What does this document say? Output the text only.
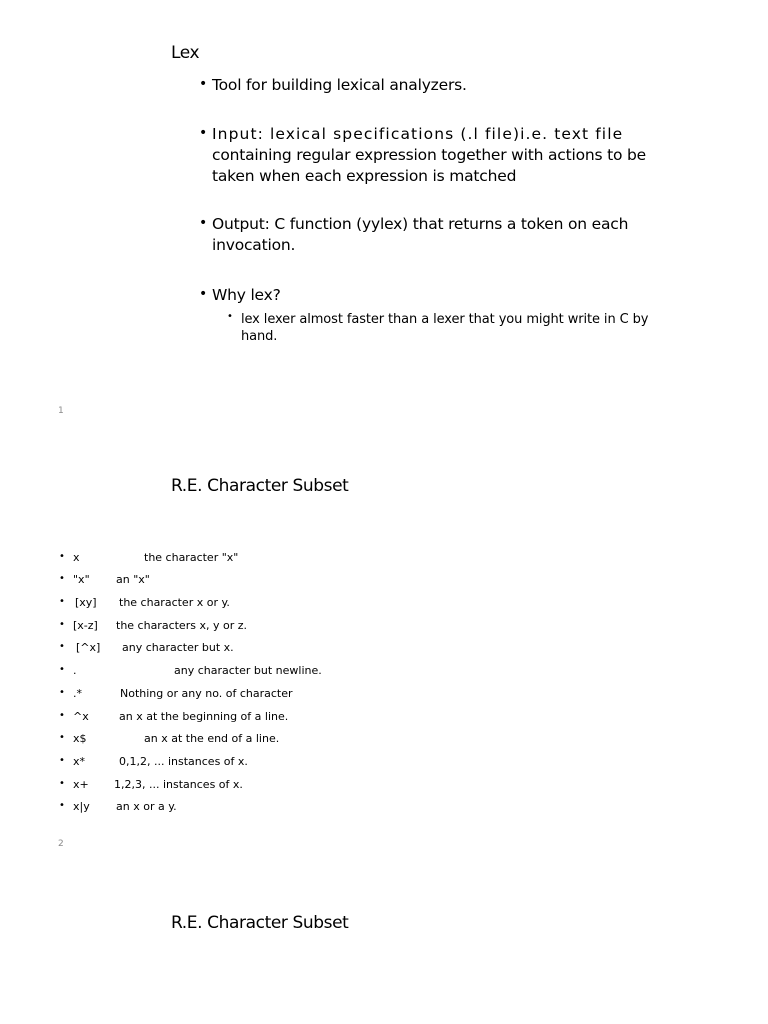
Lex
• Tool for building lexical analyzers.
• Input: lexical specifications (.l file)i.e. text file
containing regular expression together with actions to be taken when each expression is matched
• Output: C function (yylex) that returns a token on each invocation.
• Why lex?
• lex lexer almost faster than a lexer that you might write in C by hand.
1
R.E. Character Subset
• x	the character "x"
• "x" an "x"
• [xy] the character x or y.
• [x-z] the characters x, y or z.
• [^x] any character but x.
• .	any character but newline.
• .*	Nothing or any no. of character
• ^x	an x at the beginning of a line.
• x$	an x at the end of a line.
• x*	0,1,2, ... instances of x.
• x+ 1,2,3, ... instances of x.
• x|y an x or a y.
2
R.E. Character Subset
